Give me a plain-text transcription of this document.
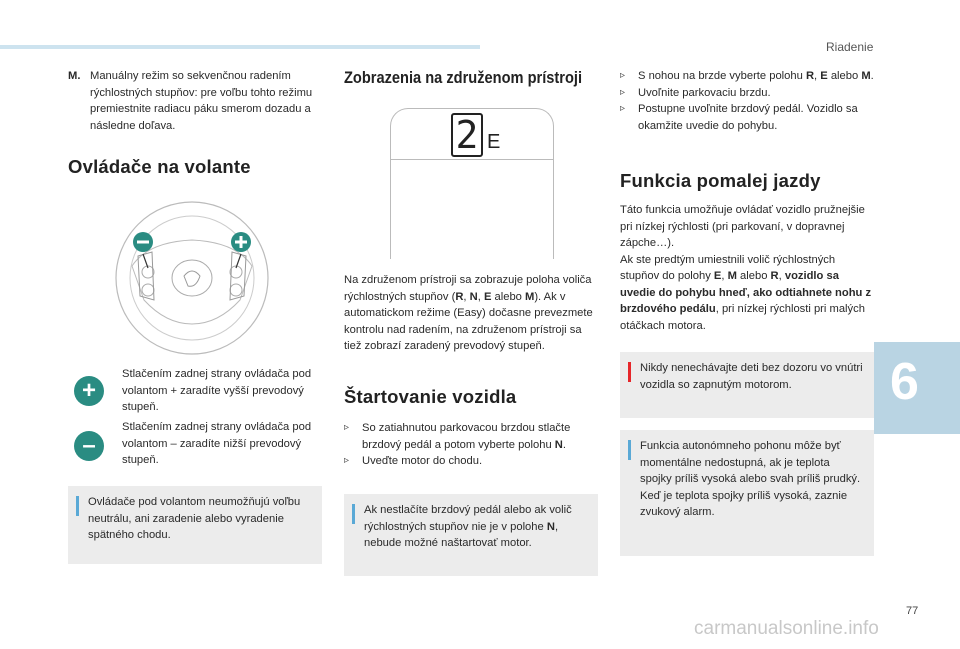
Riadenie
6
77
carmanualsonline.info
M. Manuálny režim so sekvenčnou radením rýchlostných stupňov: pre voľbu tohto režimu premiestnite radiacu páku smerom dozadu a následne doľava.
Ovládače na volante
+
Stlačením zadnej strany ovládača pod volantom + zaradíte vyšší prevodový stupeň.
–
Stlačením zadnej strany ovládača pod volantom – zaradíte nižší prevodový stupeň.
Ovládače pod volantom neumožňujú voľbu neutrálu, ani zaradenie alebo vyradenie spätného chodu.
Zobrazenia na združenom prístroji
2 E
Na združenom prístroji sa zobrazuje poloha voliča rýchlostných stupňov (R, N, E alebo M). Ak v automatickom režime (Easy) dočasne prevezmete kontrolu nad radením, na združenom prístroji sa tiež zobrazí zaradený prevodový stupeň.
Štartovanie vozidla
▹ So zatiahnutou parkovacou brzdou stlačte brzdový pedál a potom vyberte polohu N.
▹ Uveďte motor do chodu.
Ak nestlačíte brzdový pedál alebo ak volič rýchlostných stupňov nie je v polohe N, nebude možné naštartovať motor.
▹ S nohou na brzde vyberte polohu R, E alebo M.
▹ Uvoľnite parkovaciu brzdu.
▹ Postupne uvoľnite brzdový pedál. Vozidlo sa okamžite uvedie do pohybu.
Funkcia pomalej jazdy
Táto funkcia umožňuje ovládať vozidlo pružnejšie pri nízkej rýchlosti (pri parkovaní, v dopravnej zápche…).
Ak ste predtým umiestnili volič rýchlostných stupňov do polohy E, M alebo R, vozidlo sa uvedie do pohybu hneď, ako odtiahnete nohu z brzdového pedálu, pri nízkej rýchlosti pri malých otáčkach motora.
Nikdy nenechávajte deti bez dozoru vo vnútri vozidla so zapnutým motorom.
Funkcia autonómneho pohonu môže byť momentálne nedostupná, ak je teplota spojky príliš vysoká alebo svah príliš prudký. Keď je teplota spojky príliš vysoká, zaznie zvukový alarm.
